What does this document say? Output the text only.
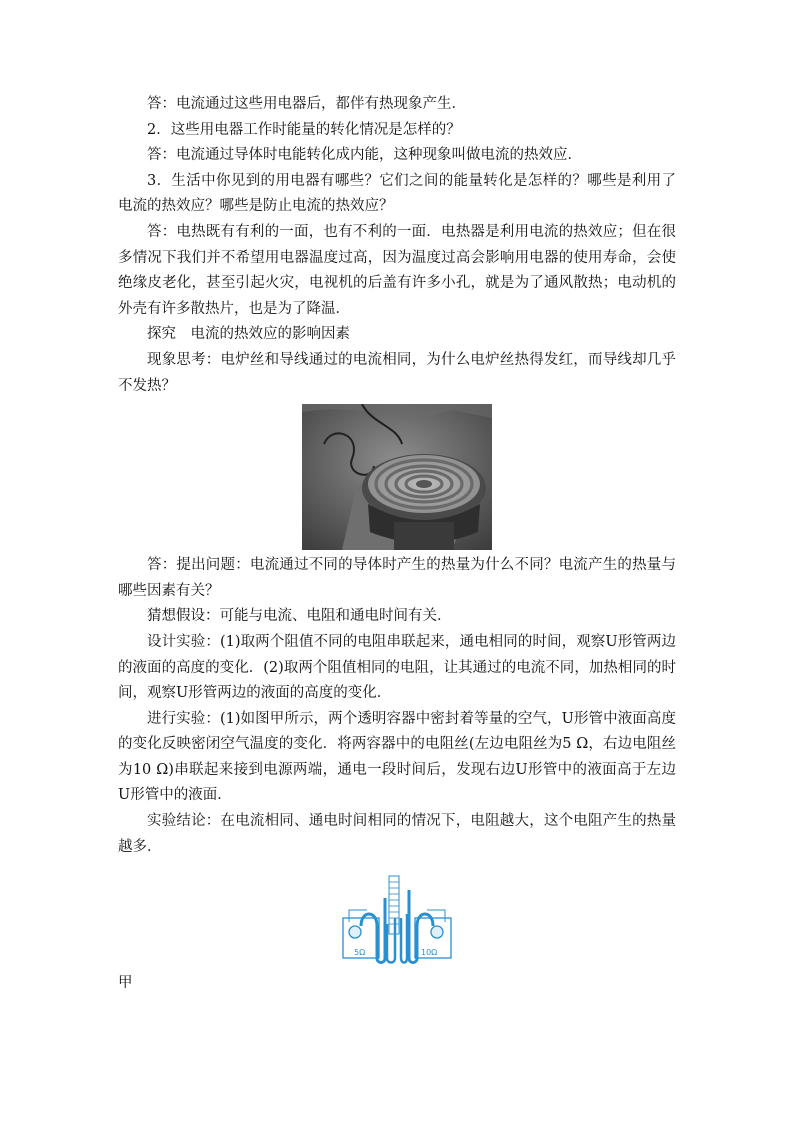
答：电流通过这些用电器后，都伴有热现象产生．

2．这些用电器工作时能量的转化情况是怎样的？

答：电流通过导体时电能转化成内能，这种现象叫做电流的热效应．

3．生活中你见到的用电器有哪些？它们之间的能量转化是怎样的？哪些是利用了电流的热效应？哪些是防止电流的热效应？

答：电热既有有利的一面，也有不利的一面．电热器是利用电流的热效应；但在很多情况下我们并不希望用电器温度过高，因为温度过高会影响用电器的使用寿命，会使绝缘皮老化，甚至引起火灾，电视机的后盖有许多小孔，就是为了通风散热；电动机的外壳有许多散热片，也是为了降温．

探究　电流的热效应的影响因素

现象思考：电炉丝和导线通过的电流相同，为什么电炉丝热得发红，而导线却几乎不发热？

答：提出问题：电流通过不同的导体时产生的热量为什么不同？电流产生的热量与哪些因素有关？

猜想假设：可能与电流、电阻和通电时间有关．

设计实验：(1)取两个阻值不同的电阻串联起来，通电相同的时间，观察U形管两边的液面的高度的变化．(2)取两个阻值相同的电阻，让其通过的电流不同，加热相同的时间，观察U形管两边的液面的高度的变化．

进行实验：(1)如图甲所示，两个透明容器中密封着等量的空气，U形管中液面高度的变化反映密闭空气温度的变化．将两容器中的电阻丝(左边电阻丝为5 Ω，右边电阻丝为10 Ω)串联起来接到电源两端，通电一段时间后，发现右边U形管中的液面高于左边U形管中的液面．

实验结论：在电流相同、通电时间相同的情况下，电阻越大，这个电阻产生的热量越多．

5Ω	10Ω

甲
